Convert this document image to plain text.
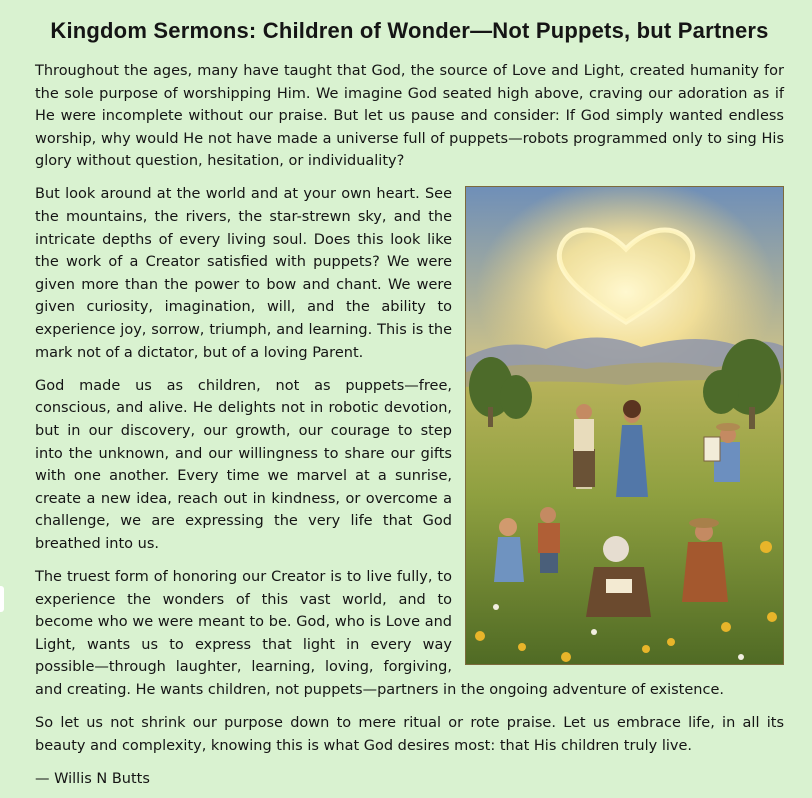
Kingdom Sermons: Children of Wonder—Not Puppets, but Partners

Throughout the ages, many have taught that God, the source of Love and Light, created humanity for the sole purpose of worshipping Him. We imagine God seated high above, craving our adoration as if He were incomplete without our praise. But let us pause and consider: If God simply wanted endless worship, why would He not have made a universe full of puppets—robots programmed only to sing His glory without question, hesitation, or individuality?

But look around at the world and at your own heart. See the mountains, the rivers, the star-strewn sky, and the intricate depths of every living soul. Does this look like the work of a Creator satisfied with puppets? We were given more than the power to bow and chant. We were given curiosity, imagination, will, and the ability to experience joy, sorrow, triumph, and learning. This is the mark not of a dictator, but of a loving Parent.

God made us as children, not as puppets—free, conscious, and alive. He delights not in robotic devotion, but in our discovery, our growth, our courage to step into the unknown, and our willingness to share our gifts with one another. Every time we marvel at a sunrise, create a new idea, reach out in kindness, or overcome a challenge, we are expressing the very life that God breathed into us.

The truest form of honoring our Creator is to live fully, to experience the wonders of this vast world, and to become who we were meant to be. God, who is Love and Light, wants us to express that light in every way possible—through laughter, learning, loving, forgiving, and creating. He wants children, not puppets—partners in the ongoing adventure of existence.

So let us not shrink our purpose down to mere ritual or rote praise. Let us embrace life, in all its beauty and complexity, knowing this is what God desires most: that His children truly live.

— Willis N Butts
